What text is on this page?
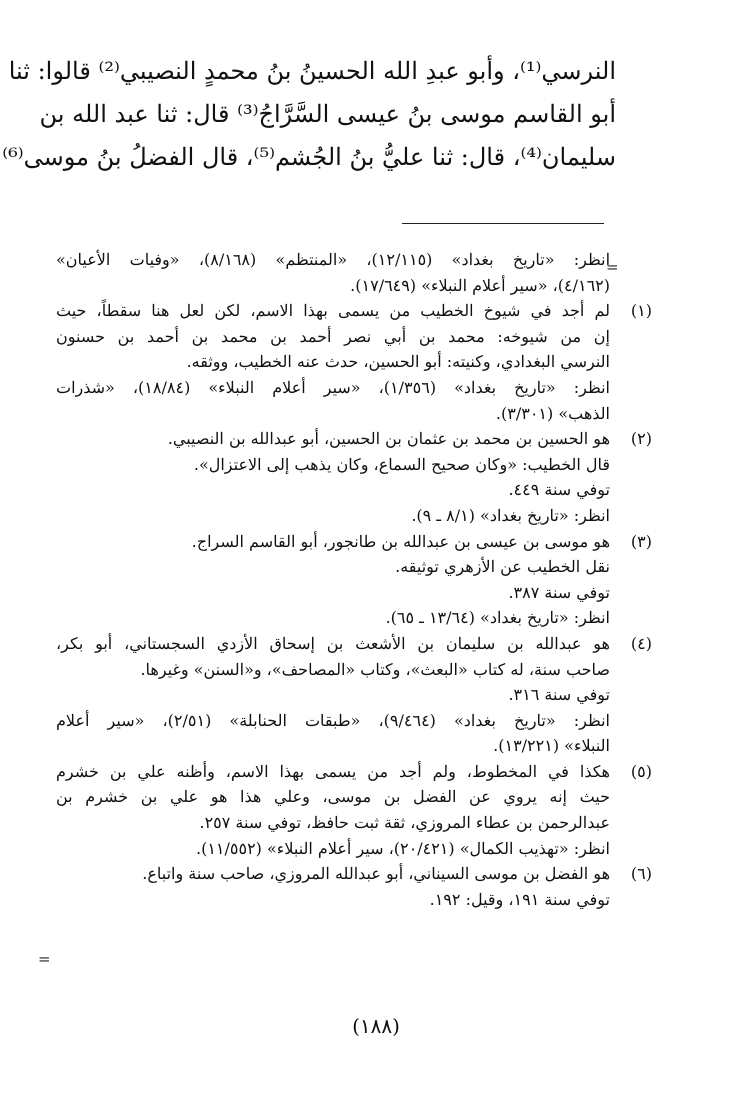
النرسي⁽¹⁾، وأبو عبدِ الله الحسينُ بنُ محمدٍ النصيبي⁽²⁾ قالوا: ثنا
أبو القاسم موسى بنُ عيسى السَّرَّاجُ⁽³⁾ قال: ثنا عبد الله بن
سليمان⁽⁴⁾، قال: ثنا عليُّ بنُ الجُشم⁽⁵⁾، قال الفضلُ بنُ موسى⁽⁶⁾
=
=
انظر: «تاريخ بغداد» (١٢/١١٥)، «المنتظم» (٨/١٦٨)، «وفيات الأعيان»
(٤/١٦٢)، «سير أعلام النبلاء» (١٧/٦٤٩).
(١)
لم أجد في شيوخ الخطيب من يسمى بهذا الاسم، لكن لعل هنا سقطاً، حيث
إن من شيوخه: محمد بن أبي نصر أحمد بن محمد بن أحمد بن حسنون
النرسي البغدادي، وكنيته: أبو الحسين، حدث عنه الخطيب، ووثقه.
انظر: «تاريخ بغداد» (١/٣٥٦)، «سير أعلام النبلاء» (١٨/٨٤)، «شذرات
الذهب» (٣/٣٠١).
(٢)
هو الحسين بن محمد بن عثمان بن الحسين، أبو عبدالله بن النصيبي.
قال الخطيب: «وكان صحيح السماع، وكان يذهب إلى الاعتزال».
توفي سنة ٤٤٩.
انظر: «تاريخ بغداد» (٨/١ ـ ٩).
(٣)
هو موسى بن عيسى بن عبدالله بن طانجور، أبو القاسم السراج.
نقل الخطيب عن الأزهري توثيقه.
توفي سنة ٣٨٧.
انظر: «تاريخ بغداد» (١٣/٦٤ ـ ٦٥).
(٤)
هو عبدالله بن سليمان بن الأشعث بن إسحاق الأزدي السجستاني، أبو بكر،
صاحب سنة، له كتاب «البعث»، وكتاب «المصاحف»، و«السنن» وغيرها.
توفي سنة ٣١٦.
انظر: «تاريخ بغداد» (٩/٤٦٤)، «طبقات الحنابلة» (٢/٥١)، «سير أعلام
النبلاء» (١٣/٢٢١).
(٥)
هكذا في المخطوط، ولم أجد من يسمى بهذا الاسم، وأظنه علي بن خشرم
حيث إنه يروي عن الفضل بن موسى، وعلي هذا هو علي بن خشرم بن
عبدالرحمن بن عطاء المروزي، ثقة ثبت حافظ، توفي سنة ٢٥٧.
انظر: «تهذيب الكمال» (٢٠/٤٢١)، سير أعلام النبلاء» (١١/٥٥٢).
(٦)
هو الفضل بن موسى السيناني، أبو عبدالله المروزي، صاحب سنة واتباع.
توفي سنة ١٩١، وقيل: ١٩٢.
(١٨٨)
